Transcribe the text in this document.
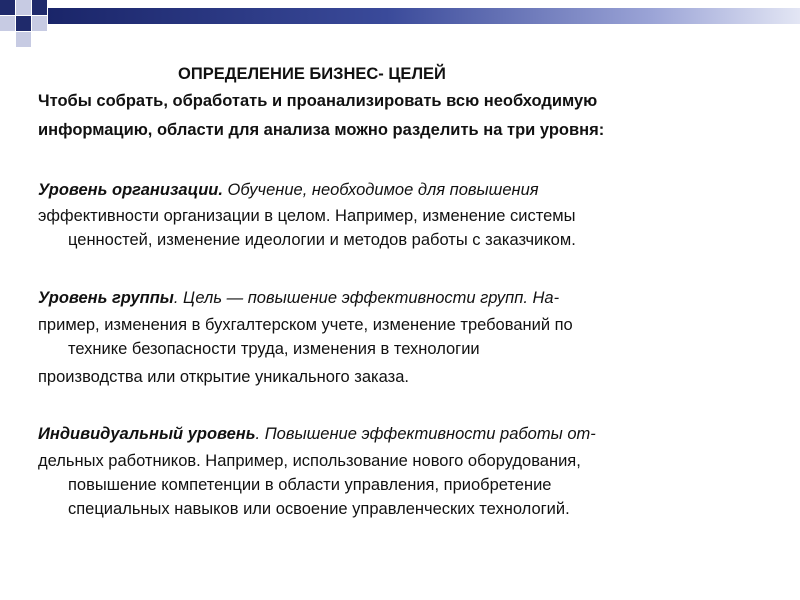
ОПРЕДЕЛЕНИЕ БИЗНЕС- ЦЕЛЕЙ
Чтобы собрать, обработать и проанализировать всю необходимую
информацию, области для анализа можно разделить на три уровня:
Уровень организации. Обучение, необходимое для повышения
эффективности организации в целом. Например, изменение системы
ценностей, изменение идеологии и методов работы с заказчиком.
Уровень группы. Цель — повышение эффективности групп. На-
пример, изменения в бухгалтерском учете, изменение требований по
технике безопасности труда, изменения в технологии
производства или открытие уникального заказа.
Индивидуальный уровень. Повышение эффективности работы от-
дельных работников. Например, использование нового оборудования,
повышение компетенции в области управления, приобретение
специальных навыков или освоение управленческих технологий.
